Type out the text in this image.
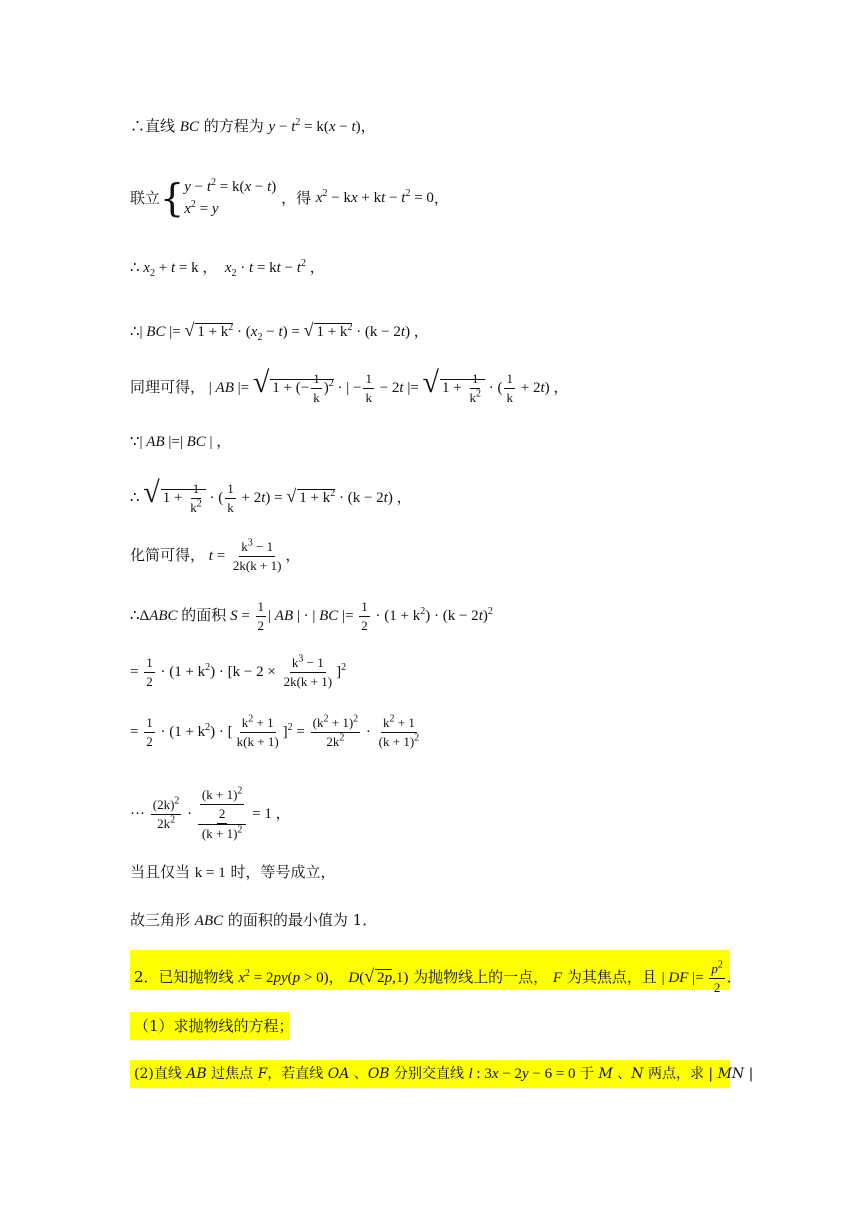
∴直线 BC 的方程为 $y - t^2 = k(x - t)$，
联立{ $y - t^2 = k(x - t)$
$x^2 = y$
，得 $x^2$ − kx + kt − $t^2 = 0$，
∴ $x_2 + t = k$ ，  $x_2 \cdot t$ = kt − $t^2$ ，
∴| BC |= √ $1 + k^2 \cdot (x_2 - t)$ = √ $1 + k^2 \cdot (k - 2t)$ ，
同理可得， | AB |= √ 1 + (− $\frac{1}{k} )^2$ · | − $\frac{1}{k} - 2t$ |= √ $1 + \frac{1}{k^2}$ · ( $\frac{1}{k} + 2t$) ，
∵| AB |=| BC | ，
∴ √ $1 + \frac{1}{k^2}$ · ( $\frac{1}{k} + 2t$) = √ $1 + k^2 \cdot (k - 2t)$ ，
化简可得， $t = \frac{k^3 - 1}{2k(k + 1)}$ ，
∴ΔABC 的面积 $S = \frac{1}{2}$ | AB | · | BC |= $\frac{1}{2} \cdot (1 + k^2) \cdot (k - 2t)^2$
= $\frac{1}{2} \cdot (1 + k^2) \cdot [k - 2 \times \frac{k^3 - 1}{2k(k + 1)} ]^2$
= $\frac{1}{2} \cdot (1 + k^2)$ · [ $\frac{k^2 + 1}{k(k + 1)} ]^2 = \frac{(k^2 + 1)^2}{2k^2} \cdot \frac{k^2 + 1}{(k + 1)^2}$
··· $\frac{(2k)^2}{2k^2} \cdot \frac{\frac{(k + 1)^2}{2}}{(k + 1)^2} = 1$ ，
当且仅当 k = 1 时，等号成立，
故三角形 ABC 的面积的最小值为 1．
2．已知抛物线 $x^2 = 2py(p > 0)$， D(√ 2p,1) 为抛物线上的一点， F 为其焦点，且 | DF |= $\frac{p^2}{2}$ ．
（1）求抛物线的方程；
(2)直线 AB 过焦点 F，若直线 OA 、OB 分别交直线 l : 3x − 2y − 6 = 0 于 M 、N 两点，求 | MN |
